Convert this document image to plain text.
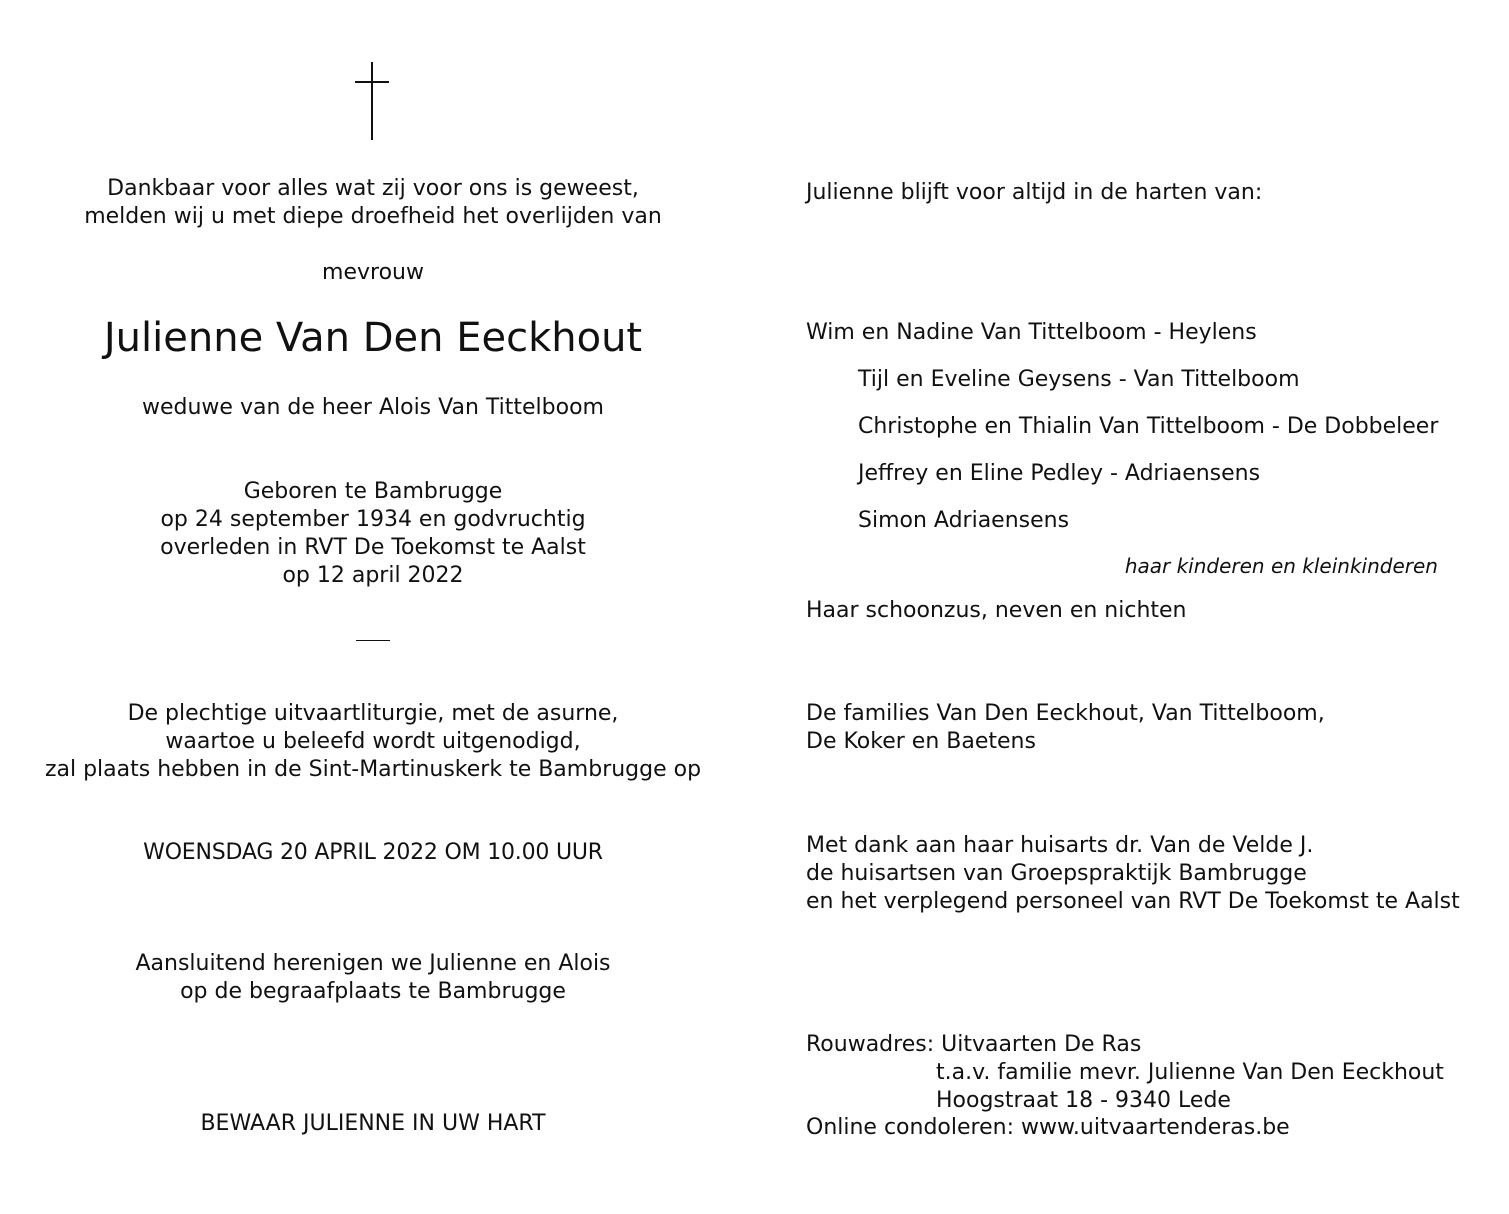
Dankbaar voor alles wat zij voor ons is geweest,
melden wij u met diepe droefheid het overlijden van
mevrouw
Julienne Van Den Eeckhout
weduwe van de heer Alois Van Tittelboom
Geboren te Bambrugge
op 24 september 1934 en godvruchtig
overleden in RVT De Toekomst te Aalst
op 12 april 2022
De plechtige uitvaartliturgie, met de asurne,
waartoe u beleefd wordt uitgenodigd,
zal plaats hebben in de Sint-Martinuskerk te Bambrugge op
WOENSDAG 20 APRIL 2022 OM 10.00 UUR
Aansluitend herenigen we Julienne en Alois
op de begraafplaats te Bambrugge
BEWAAR JULIENNE IN UW HART
Julienne blijft voor altijd in de harten van:
Wim en Nadine Van Tittelboom - Heylens
Tijl en Eveline Geysens - Van Tittelboom
Christophe en Thialin Van Tittelboom - De Dobbeleer
Jeffrey en Eline Pedley - Adriaensens
Simon Adriaensens
haar kinderen en kleinkinderen
Haar schoonzus, neven en nichten
De families Van Den Eeckhout, Van Tittelboom,
De Koker en Baetens
Met dank aan haar huisarts dr. Van de Velde J.
de huisartsen van Groepspraktijk Bambrugge
en het verplegend personeel van RVT De Toekomst te Aalst
Rouwadres: Uitvaarten De Ras
t.a.v. familie mevr. Julienne Van Den Eeckhout
Hoogstraat 18 - 9340 Lede
Online condoleren: www.uitvaartenderas.be
